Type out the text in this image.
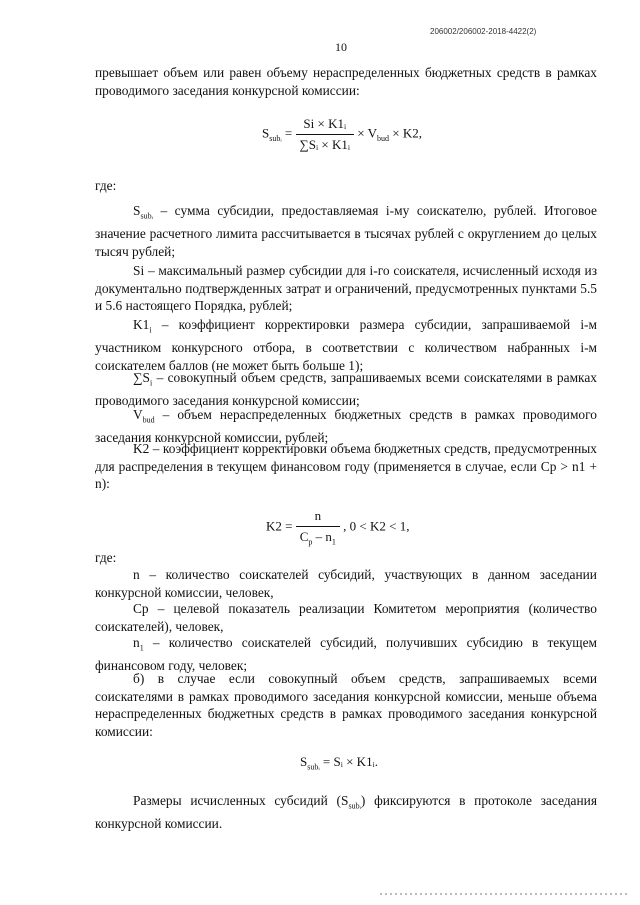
206002/206002-2018-4422(2)
10
превышает объем или равен объему нераспределенных бюджетных средств в рамках проводимого заседания конкурсной комиссии:
$S_{subᵢ} = \frac{\text{Si × K1ᵢ}}{\text{∑Sᵢ × K1ᵢ}} \times V_{bud} \times K2$,
где:
$S_{subᵢ}$ – сумма субсидии, предоставляемая i-му соискателю, рублей. Итоговое значение расчетного лимита рассчитывается в тысячах рублей с округлением до целых тысяч рублей;
Si – максимальный размер субсидии для i-го соискателя, исчисленный исходя из документально подтвержденных затрат и ограничений, предусмотренных пунктами 5.5 и 5.6 настоящего Порядка, рублей;
$K1_i$ – коэффициент корректировки размера субсидии, запрашиваемой i-м участником конкурсного отбора, в соответствии с количеством набранных i-м соискателем баллов (не может быть больше 1);
$\sum S_i$ – совокупный объем средств, запрашиваемых всеми соискателями в рамках проводимого заседания конкурсной комиссии;
$V_{bud}$ – объем нераспределенных бюджетных средств в рамках проводимого заседания конкурсной комиссии, рублей;
K2 – коэффициент корректировки объема бюджетных средств, предусмотренных для распределения в текущем финансовом году (применяется в случае, если Cp > n1 + n):
$K2 = \frac{n}{C_p - n_1}$ , 0 < K2 < 1,
где:
n – количество соискателей субсидий, участвующих в данном заседании конкурсной комиссии, человек,
Cp – целевой показатель реализации Комитетом мероприятия (количество соискателей), человек,
$n_1$ – количество соискателей субсидий, получивших субсидию в текущем финансовом году, человек;
б) в случае если совокупный объем средств, запрашиваемых всеми соискателями в рамках проводимого заседания конкурсной комиссии, меньше объема нераспределенных бюджетных средств в рамках проводимого заседания конкурсной комиссии:
$S_{subᵢ}$ = Sᵢ × K1ᵢ.
Размеры исчисленных субсидий $(S_{subᵢ})$ фиксируются в протоколе заседания конкурсной комиссии.
